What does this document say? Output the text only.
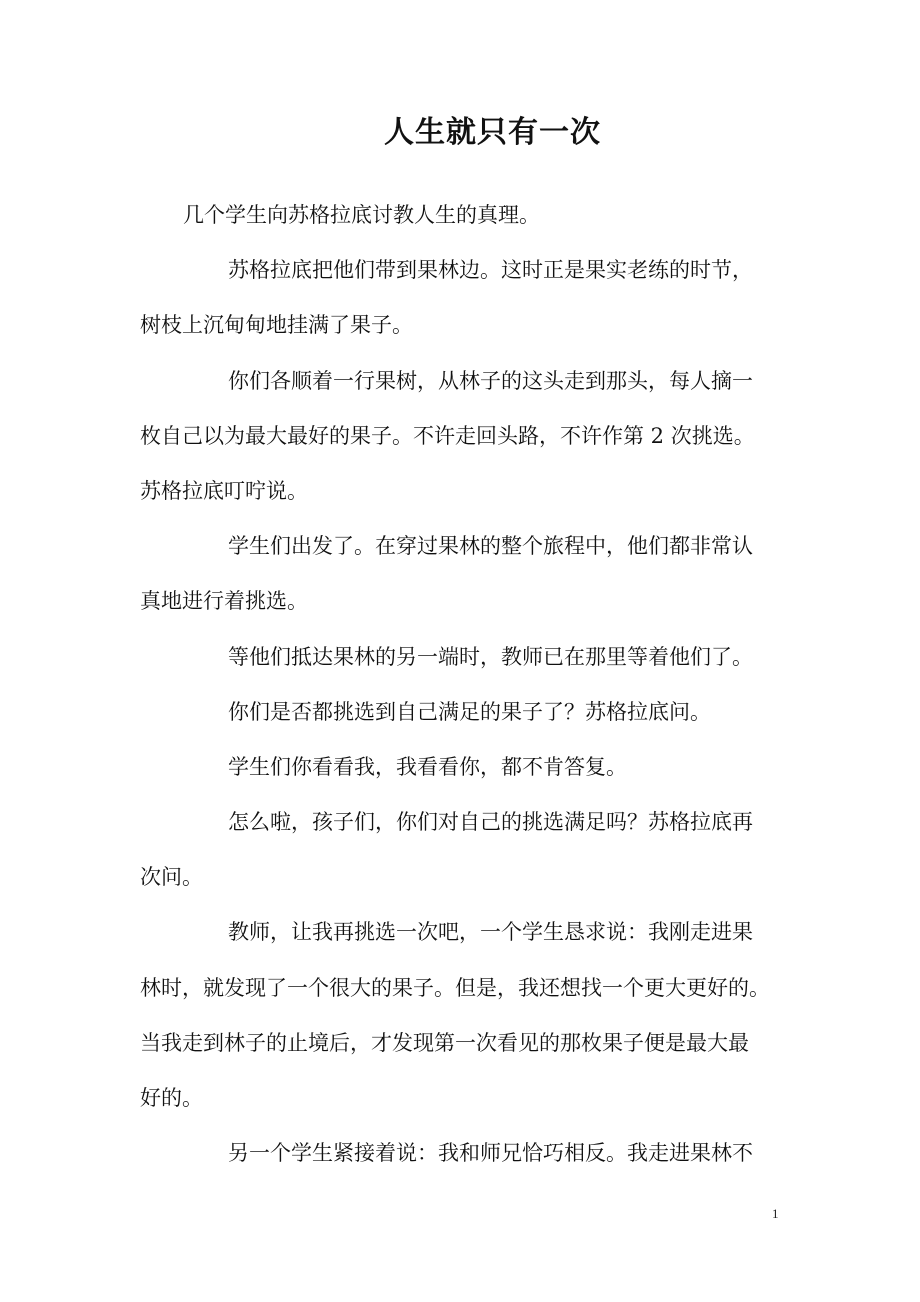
人生就只有一次

几个学生向苏格拉底讨教人生的真理。

苏格拉底把他们带到果林边。这时正是果实老练的时节，
树枝上沉甸甸地挂满了果子。

你们各顺着一行果树，从林子的这头走到那头，每人摘一
枚自己以为最大最好的果子。不许走回头路，不许作第 2 次挑选。
苏格拉底叮咛说。

学生们出发了。在穿过果林的整个旅程中，他们都非常认
真地进行着挑选。

等他们抵达果林的另一端时，教师已在那里等着他们了。

你们是否都挑选到自己满足的果子了？苏格拉底问。

学生们你看看我，我看看你，都不肯答复。

怎么啦，孩子们，你们对自己的挑选满足吗？苏格拉底再
次问。

教师，让我再挑选一次吧，一个学生恳求说：我刚走进果
林时，就发现了一个很大的果子。但是，我还想找一个更大更好的。
当我走到林子的止境后，才发现第一次看见的那枚果子便是最大最
好的。

另一个学生紧接着说：我和师兄恰巧相反。我走进果林不

1
